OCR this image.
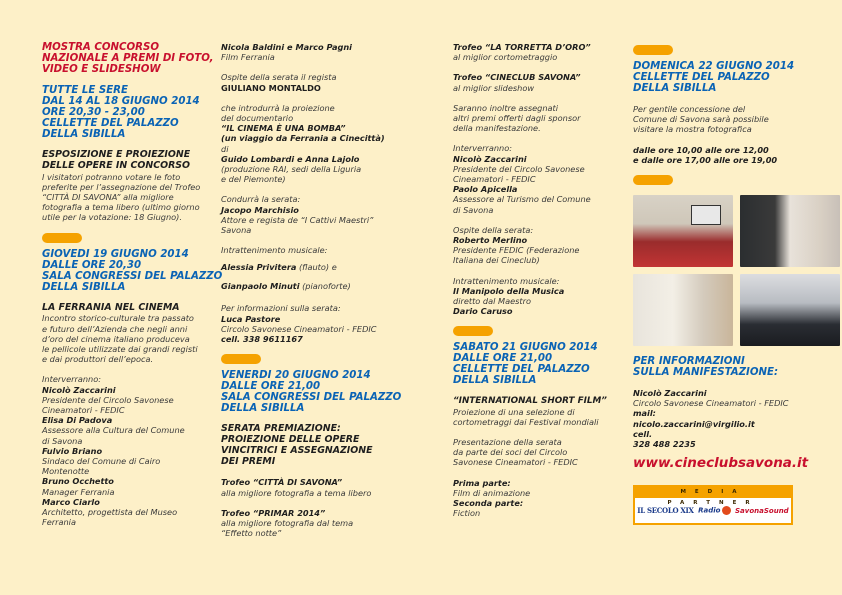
MOSTRA CONCORSO
NAZIONALE A PREMI DI FOTO,
VIDEO E SLIDESHOW
TUTTE LE SERE
DAL 14 AL 18 GIUGNO 2014
ORE 20,30 - 23,00
CELLETTE DEL PALAZZO
DELLA SIBILLA
ESPOSIZIONE E PROIEZIONE
DELLE OPERE IN CONCORSO
I visitatori potranno votare le foto
preferite per l’assegnazione del Trofeo
“CITTÀ DI SAVONA” alla migliore
fotografia a tema libero (ultimo giorno
utile per la votazione: 18 Giugno).
GIOVEDI 19 GIUGNO 2014
DALLE ORE 20,30
SALA CONGRESSI DEL PALAZZO
DELLA SIBILLA
LA FERRANIA NEL CINEMA
Incontro storico-culturale tra passato
e futuro dell’Azienda che negli anni
d’oro del cinema italiano produceva
le pellicole utilizzate dai grandi registi
e dai produttori dell’epoca.
Interverranno:
Nicolò Zaccarini
Presidente del Circolo Savonese
Cineamatori - FEDIC
Elisa Di Padova
Assessore alla Cultura del Comune
di Savona
Fulvio Briano
Sindaco del Comune di Cairo
Montenotte
Bruno Occhetto
Manager Ferrania
Marco Ciarlo
Architetto, progettista del Museo
Ferrania
Nicola Baldini e Marco Pagni
Film Ferrania
Ospite della serata il regista
GIULIANO MONTALDO
che introdurrà la proiezione
del documentario
“IL CINEMA È UNA BOMBA”
(un viaggio da Ferrania a Cinecittà)
di
Guido Lombardi e Anna Lajolo
(produzione RAI, sedi della Liguria
e del Piemonte)
Condurrà la serata:
Jacopo Marchisio
Attore e regista de “I Cattivi Maestri”
Savona
Intrattenimento musicale:
Alessia Privitera (flauto) e
Gianpaolo Minuti (pianoforte)
Per informazioni sulla serata:
Luca Pastore
Circolo Savonese Cineamatori - FEDIC
cell. 338 9611167
VENERDI 20 GIUGNO 2014
DALLE ORE 21,00
SALA CONGRESSI DEL PALAZZO
DELLA SIBILLA
SERATA PREMIAZIONE:
PROIEZIONE DELLE OPERE
VINCITRICI E ASSEGNAZIONE
DEI PREMI
Trofeo “CITTÀ DI SAVONA”
alla migliore fotografia a tema libero
Trofeo “PRIMAR 2014”
alla migliore fotografia dal tema
“Effetto notte”
Trofeo “LA TORRETTA D’ORO”
al miglior cortometraggio
Trofeo “CINECLUB SAVONA”
al miglior slideshow
Saranno inoltre assegnati
altri premi offerti dagli sponsor
della manifestazione.
Interverranno:
Nicolò Zaccarini
Presidente del Circolo Savonese
Cineamatori - FEDIC
Paolo Apicella
Assessore al Turismo del Comune
di Savona
Ospite della serata:
Roberto Merlino
Presidente FEDIC (Federazione
Italiana dei Cineclub)
Intrattenimento musicale:
Il Manipolo della Musica
diretto dal Maestro
Dario Caruso
SABATO 21 GIUGNO 2014
DALLE ORE 21,00
CELLETTE DEL PALAZZO
DELLA SIBILLA
“INTERNATIONAL SHORT FILM”
Proiezione di una selezione di
cortometraggi dai Festival mondiali
Presentazione della serata
da parte dei soci del Circolo
Savonese Cineamatori - FEDIC
Prima parte:
Film di animazione
Seconda parte:
Fiction
DOMENICA 22 GIUGNO 2014
CELLETTE DEL PALAZZO
DELLA SIBILLA
Per gentile concessione del
Comune di Savona sarà possibile
visitare la mostra fotografica
dalle ore 10,00 alle ore 12,00
e dalle ore 17,00 alle ore 19,00
PER INFORMAZIONI
SULLA MANIFESTAZIONE:
Nicolò Zaccarini
Circolo Savonese Cineamatori - FEDIC
mail:
nicolo.zaccarini@virgilio.it
cell.
328 488 2235
www.cineclubsavona.it
MEDIA PARTNER
IL SECOLO XIX Radio	SavonaSound
